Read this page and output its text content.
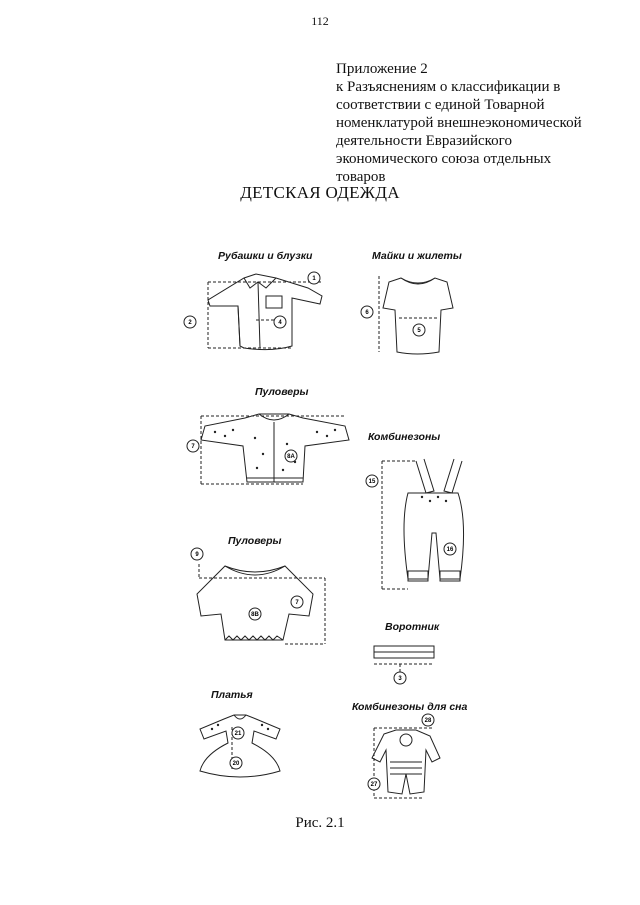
112
Приложение 2
к Разъяснениям о классификации в
соответствии с единой Товарной
номенклатурой внешнеэкономической
деятельности Евразийского
экономического союза отдельных
товаров
ДЕТСКАЯ ОДЕЖДА
Рубашки и блузки	Майки и жилеты
Пуловеры
Комбинезоны
Пуловеры
Воротник
Платья
Комбинезоны для сна
1
2	4
6
5
7
8A
15
16
9
7
8B
3
21
20
28
27
Рис. 2.1
